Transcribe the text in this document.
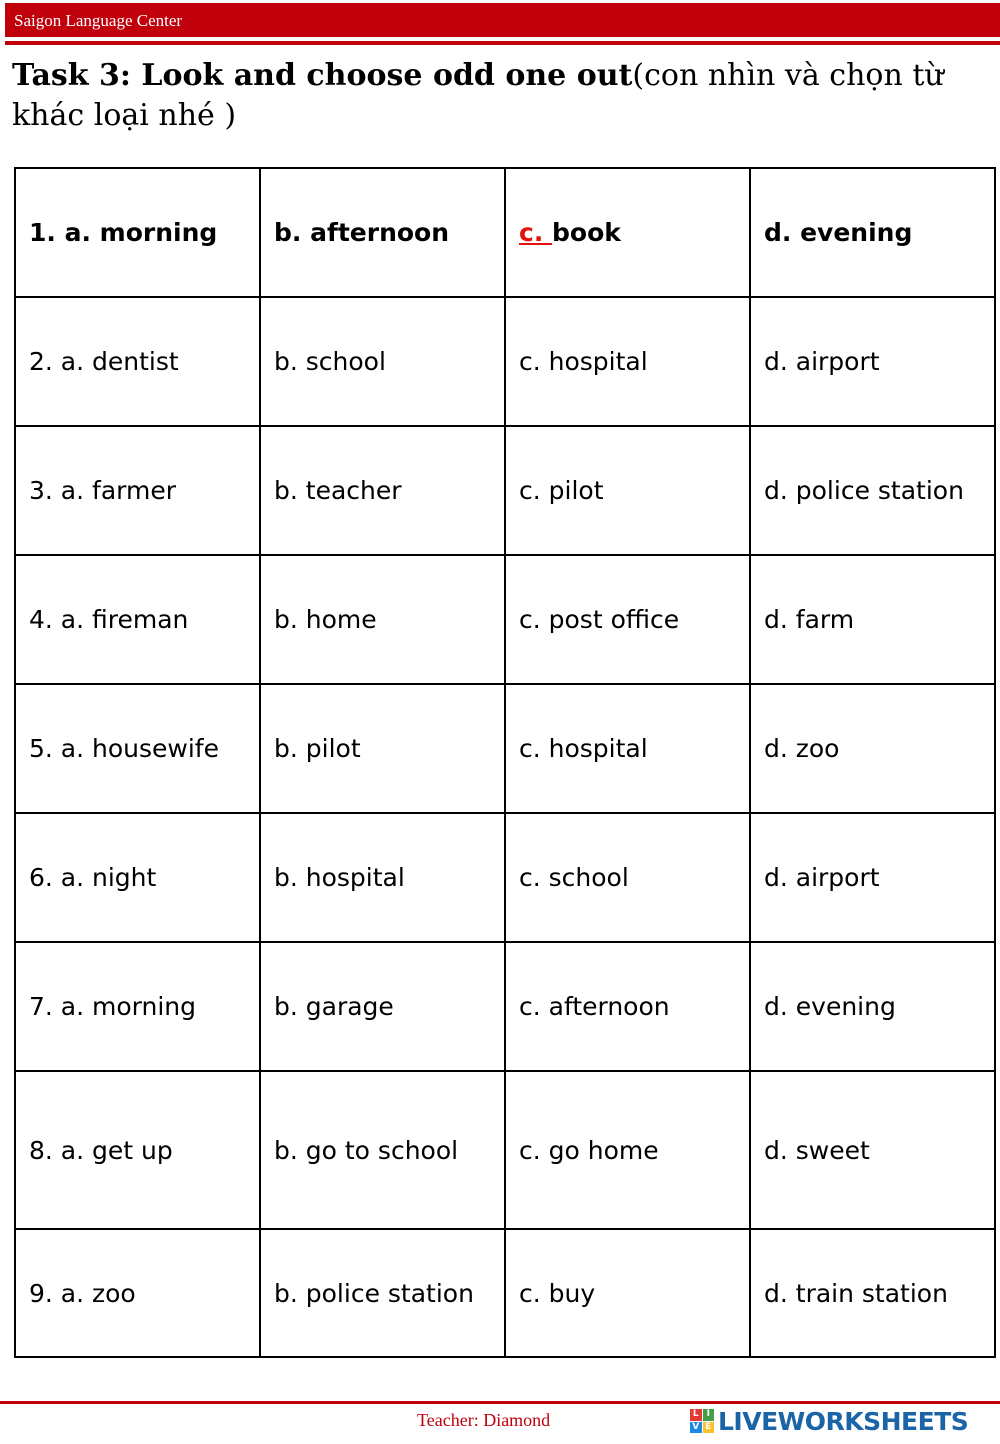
Saigon Language Center
Task 3: Look and choose odd one out(con nhìn và chọn từ khác loại nhé )
1. a. morning	b. afternoon	c. book	d. evening
2. a. dentist	b. school	c. hospital	d. airport
3. a. farmer	b. teacher	c. pilot	d. police station
4. a. fireman	b. home	c. post office	d. farm
5. a. housewife	b. pilot	c. hospital	d. zoo
6. a. night	b. hospital	c. school	d. airport
7. a. morning	b. garage	c. afternoon	d. evening
8. a. get up	b. go to school	c. go home	d. sweet
9. a. zoo	b. police station	c. buy	d. train station
Teacher: Diamond	L I
V E LIVEWORKSHEETS
